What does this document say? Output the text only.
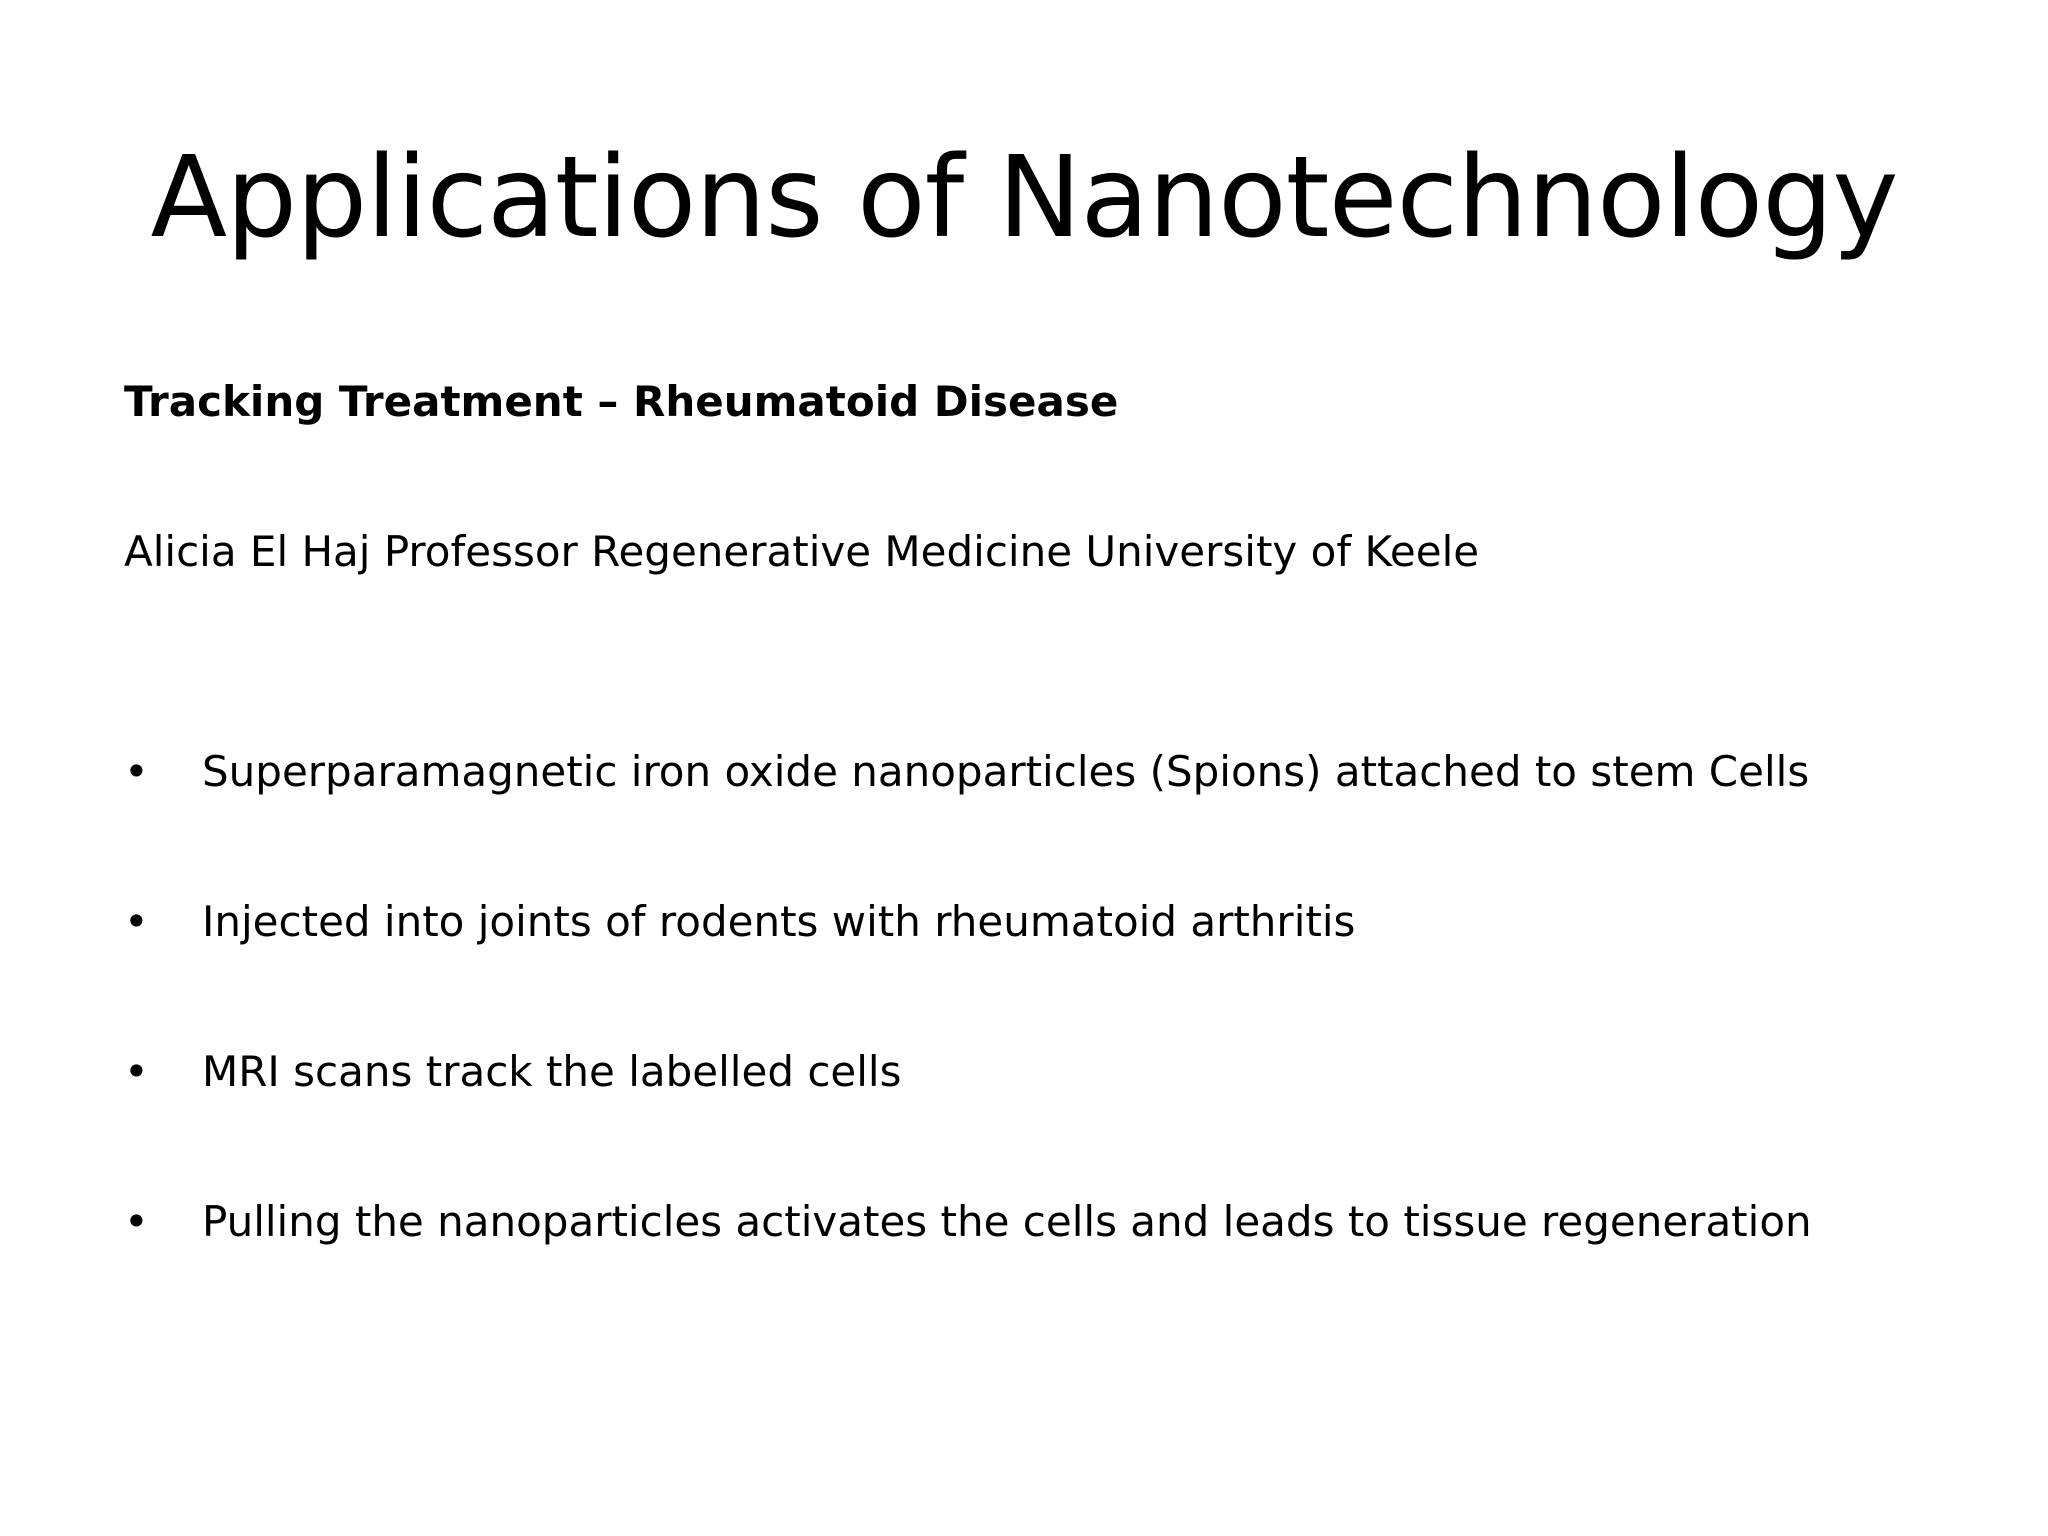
Applications of Nanotechnology

Tracking Treatment – Rheumatoid Disease

Alicia El Haj Professor Regenerative Medicine University of Keele

•	Superparamagnetic iron oxide nanoparticles (Spions) attached to stem Cells
•	Injected into joints of rodents with rheumatoid arthritis
•	MRI scans track the labelled cells
•	Pulling the nanoparticles activates the cells and leads to tissue regeneration
